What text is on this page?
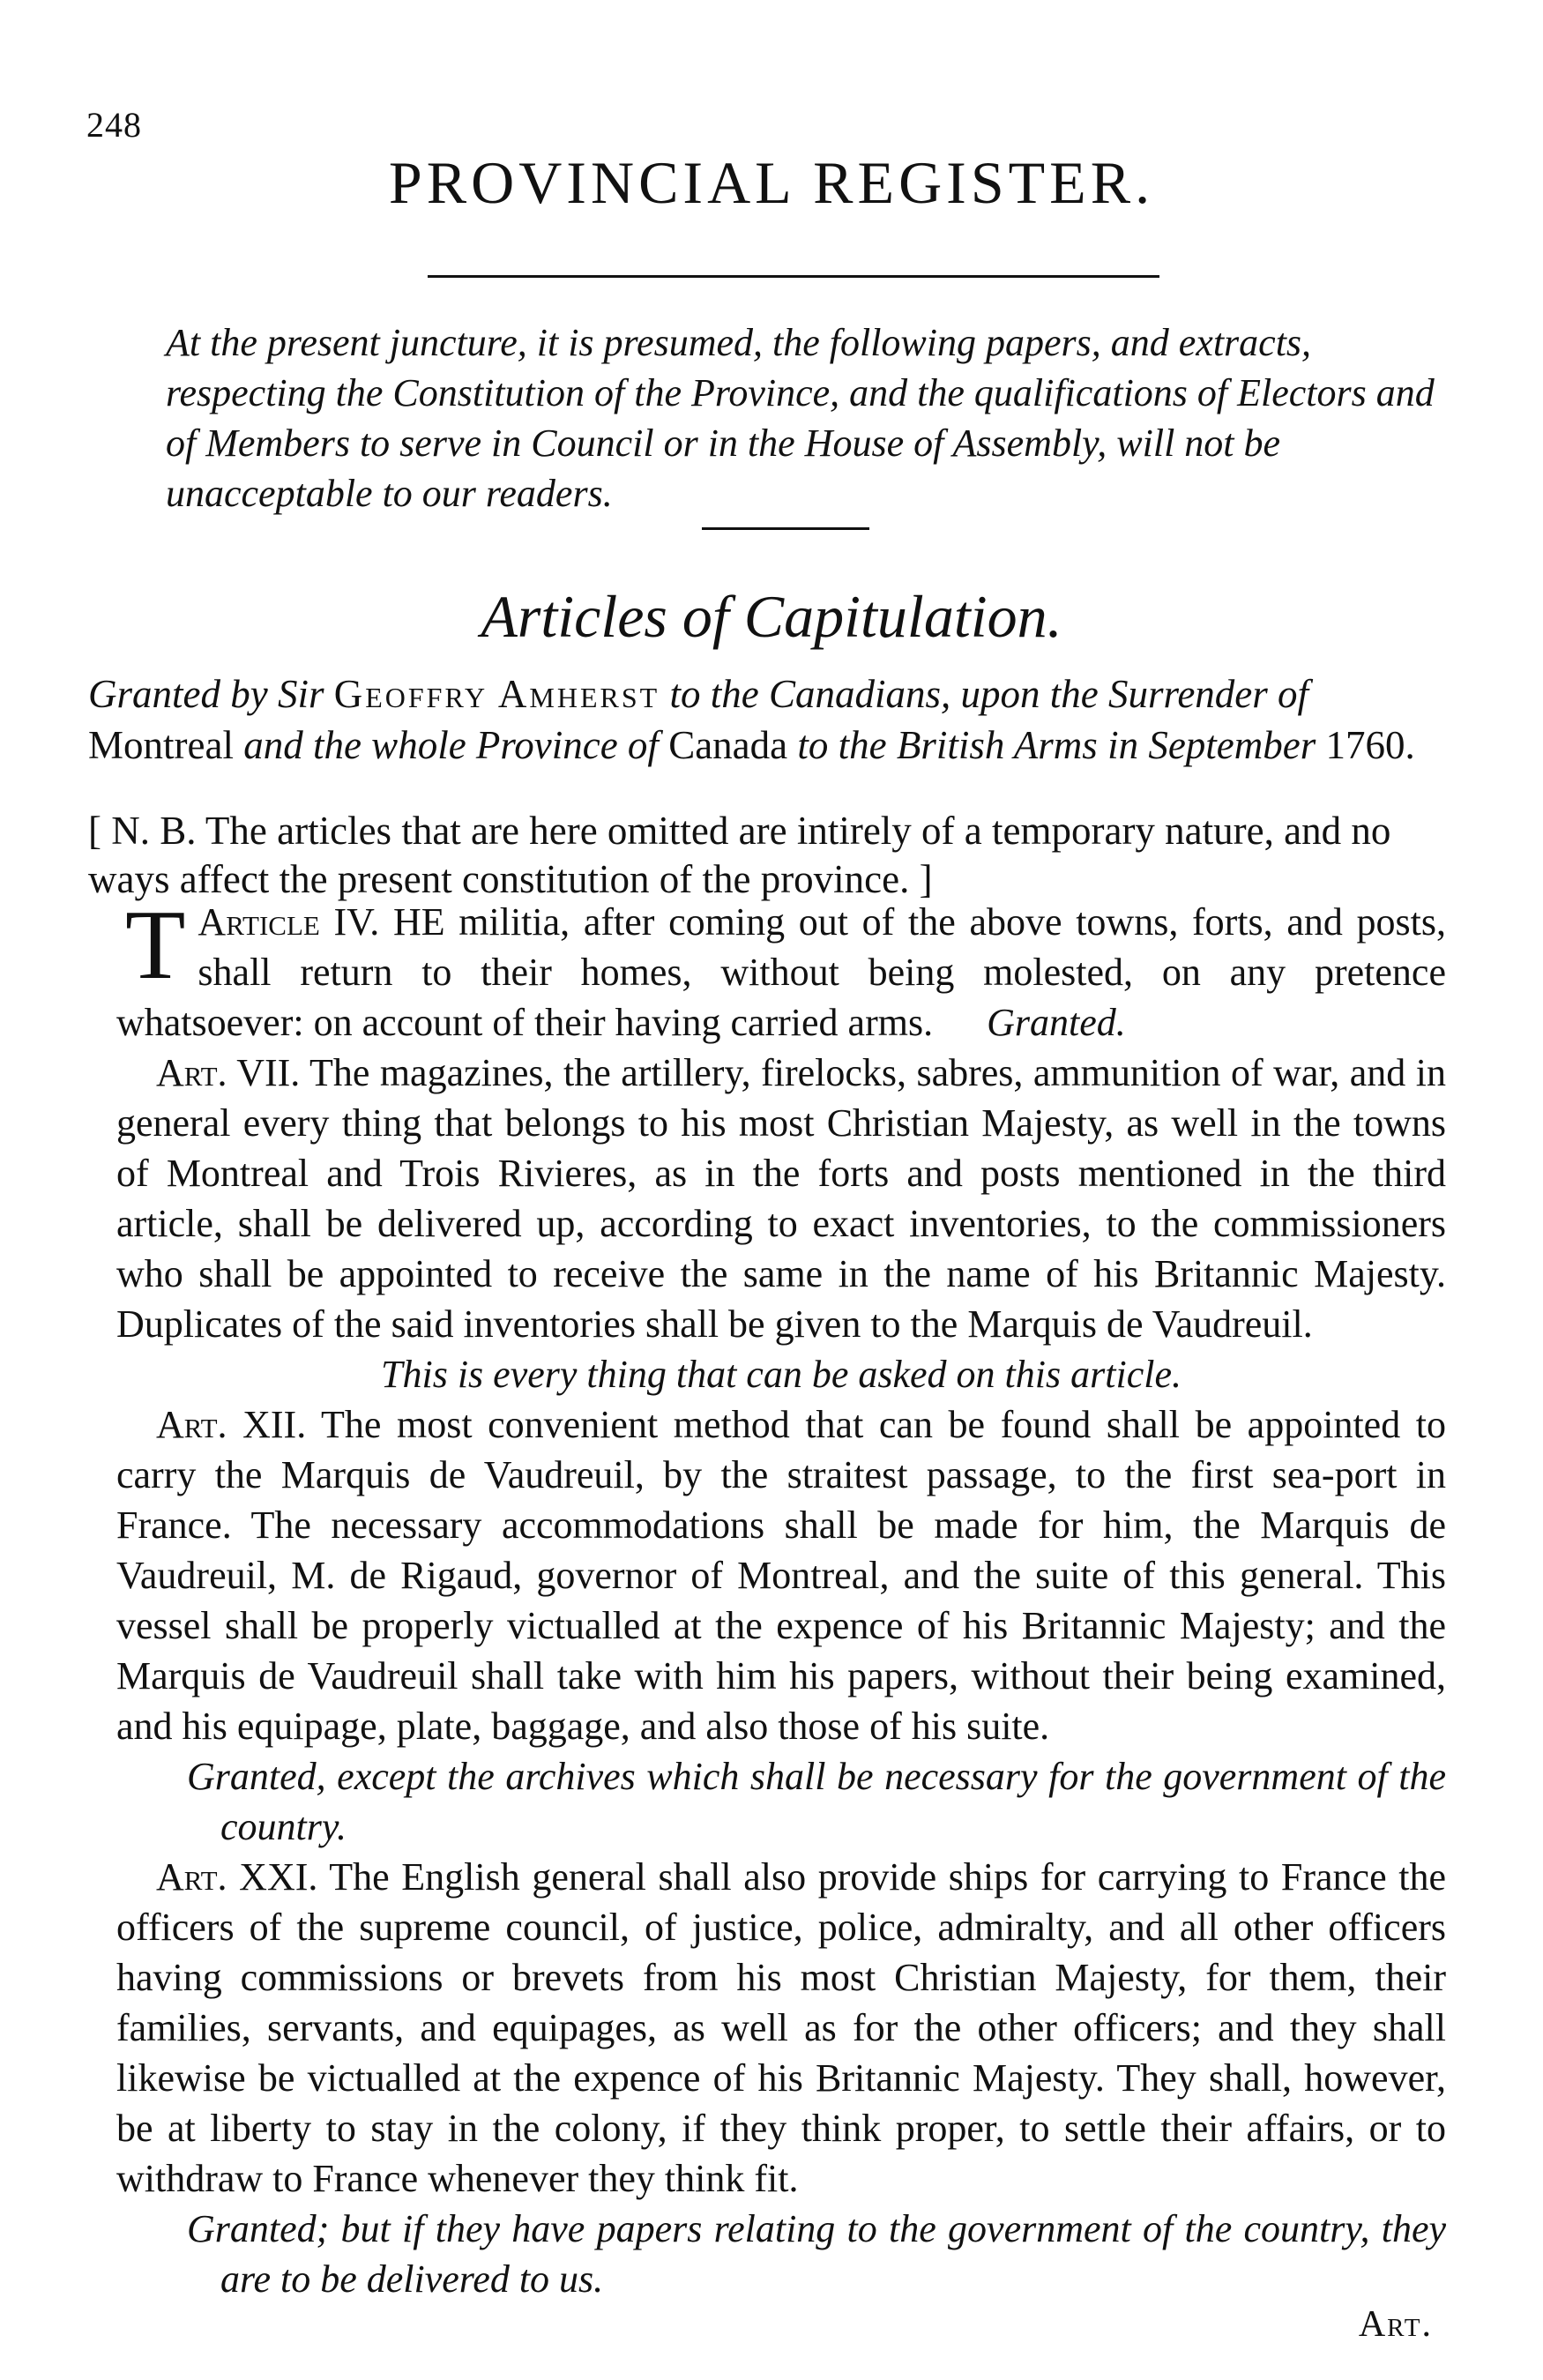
248
PROVINCIAL REGISTER.
At the present juncture, it is presumed, the following papers, and extracts, respecting the Constitution of the Province, and the qualifications of Electors and of Members to serve in Council or in the House of Assembly, will not be unacceptable to our readers.
Articles of Capitulation.
Granted by Sir Geoffry Amherst to the Canadians, upon the Surrender of Montreal and the whole Province of Canada to the British Arms in September 1760.
[ N. B. The articles that are here omitted are intirely of a temporary nature, and no ways affect the present constitution of the province. ]

Article IV.
T	HE militia, after coming out of the above towns, forts, and posts, shall return to their homes, without being molested, on any pretence whatsoever: on account of their having carried arms. Granted.

Art. VII. The magazines, the artillery, firelocks, sabres, ammunition of war, and in general every thing that belongs to his most Christian Majesty, as well in the towns of Montreal and Trois Rivieres, as in the forts and posts mentioned in the third article, shall be delivered up, according to exact inventories, to the commissioners who shall be appointed to receive the same in the name of his Britannic Majesty. Duplicates of the said inventories shall be given to the Marquis de Vaudreuil.

This is every thing that can be asked on this article.

Art. XII. The most convenient method that can be found shall be appointed to carry the Marquis de Vaudreuil, by the straitest passage, to the first sea-port in France. The necessary accommodations shall be made for him, the Marquis de Vaudreuil, M. de Rigaud, governor of Montreal, and the suite of this general. This vessel shall be properly victualled at the expence of his Britannic Majesty; and the Marquis de Vaudreuil shall take with him his papers, without their being examined, and his equipage, plate, baggage, and also those of his suite.

Granted, except the archives which shall be necessary for the government of the country.

Art. XXI. The English general shall also provide ships for carrying to France the officers of the supreme council, of justice, police, admiralty, and all other officers having commissions or brevets from his most Christian Majesty, for them, their families, servants, and equipages, as well as for the other officers; and they shall likewise be victualled at the expence of his Britannic Majesty. They shall, however, be at liberty to stay in the colony, if they think proper, to settle their affairs, or to withdraw to France whenever they think fit.

Granted; but if they have papers relating to the government of the country, they are to be delivered to us.

Art.
